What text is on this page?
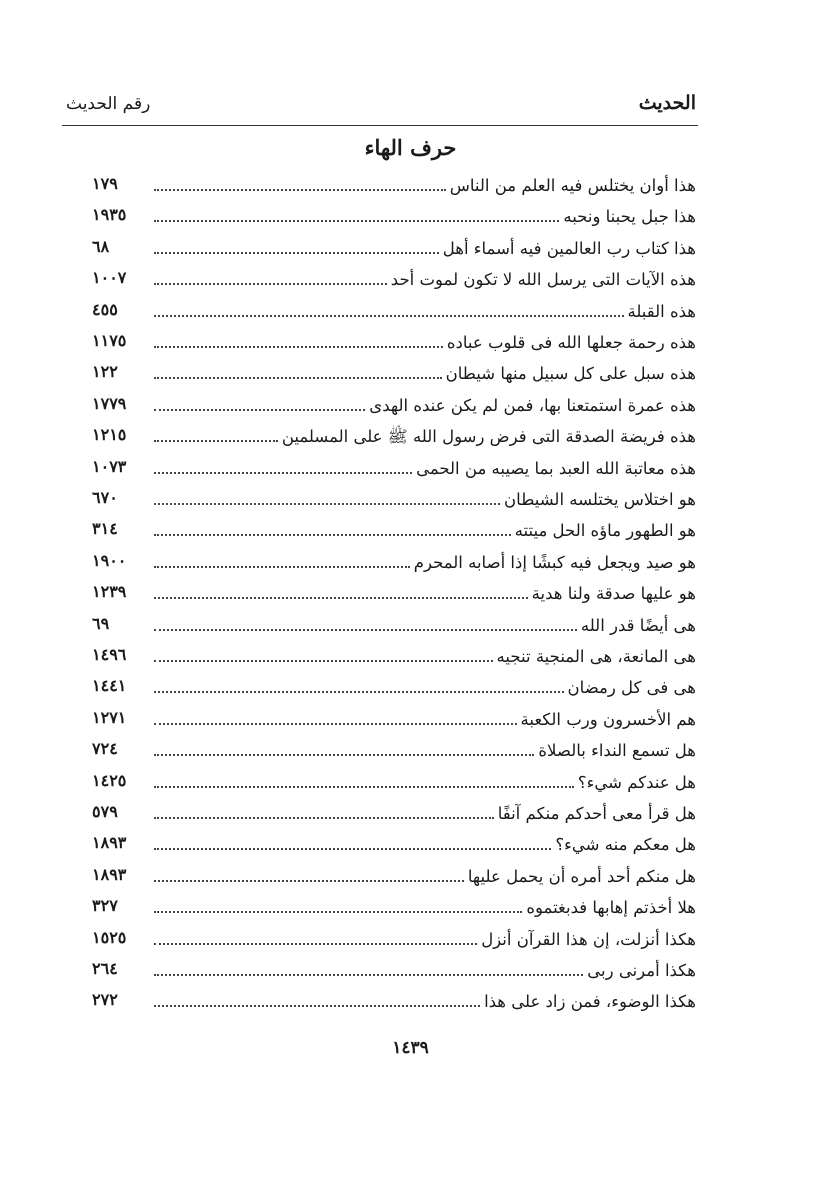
الحديث
رقم الحديث
حرف الهاء
١٧٩	هذا أوان يختلس فيه العلم من الناس
١٩٣٥	هذا جبل يحبنا ونحبه
٦٨	هذا كتاب رب العالمين فيه أسماء أهل
١٠٠٧	هذه الآيات التى يرسل الله لا تكون لموت أحد
٤٥٥	هذه القبلة
١١٧٥	هذه رحمة جعلها الله فى قلوب عباده
١٢٢	هذه سبل على كل سبيل منها شيطان
١٧٧٩	هذه عمرة استمتعنا بها، فمن لم يكن عنده الهدى
١٢١٥	هذه فريضة الصدقة التى فرض رسول الله ﷺ على المسلمين
١٠٧٣	هذه معاتبة الله العبد بما يصيبه من الحمى
٦٧٠	هو اختلاس يختلسه الشيطان
٣١٤	هو الطهور ماؤه الحل ميتته
١٩٠٠	هو صيد ويجعل فيه كبشًا إذا أصابه المحرم
١٢٣٩	هو عليها صدقة ولنا هدية
٦٩	هى أيضًا قدر الله
١٤٩٦	هى المانعة، هى المنجية تنجيه
١٤٤١	هى فى كل رمضان
١٢٧١	هم الأخسرون ورب الكعبة
٧٢٤	هل تسمع النداء بالصلاة
١٤٢٥	هل عندكم شيء؟
٥٧٩	هل قرأ معى أحدكم منكم آنفًا
١٨٩٣	هل معكم منه شيء؟
١٨٩٣	هل منكم أحد أمره أن يحمل عليها
٣٢٧	هلا أخذتم إهابها فدبغتموه
١٥٢٥	هكذا أنزلت، إن هذا القرآن أنزل
٢٦٤	هكذا أمرنى ربى
٢٧٢	هكذا الوضوء، فمن زاد على هذا
١٤٣٩
